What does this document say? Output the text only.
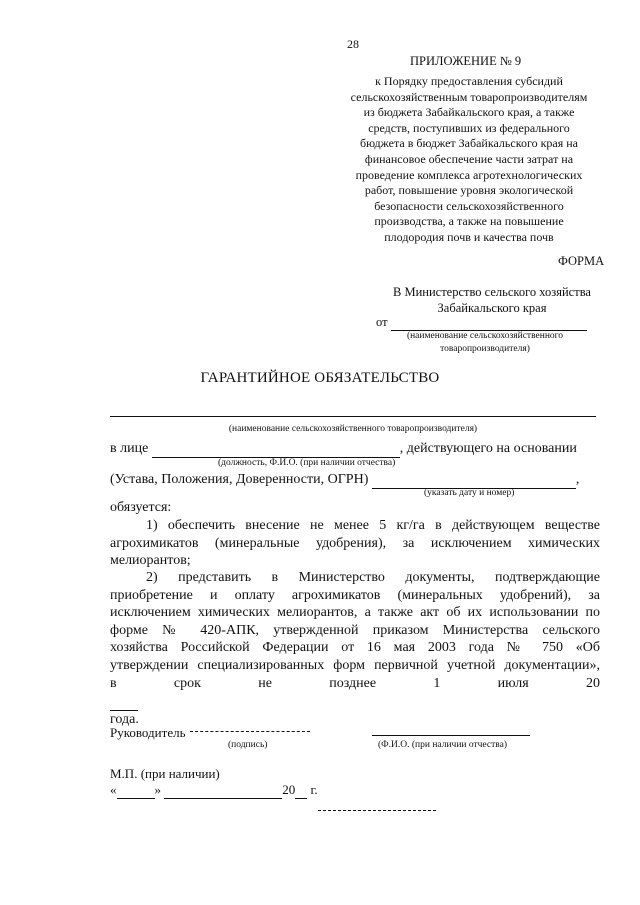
28
ПРИЛОЖЕНИЕ № 9
к Порядку предоставления субсидий
сельскохозяйственным товаропроизводителям
из бюджета Забайкальского края, а также
средств, поступивших из федерального
бюджета в бюджет Забайкальского края на
финансовое обеспечение части затрат на
проведение комплекса агротехнологических
работ, повышение уровня экологической
безопасности сельскохозяйственного
производства, а также на повышение
плодородия почв и качества почв
ФОРМА
В Министерство сельского хозяйства
Забайкальского края
от
(наименование сельскохозяйственного
товаропроизводителя)
ГАРАНТИЙНОЕ ОБЯЗАТЕЛЬСТВО
(наименование сельскохозяйственного товаропроизводителя)
в лице	, действующего на основании
(должность, Ф.И.О. (при наличии отчества)
(Устава, Положения, Доверенности, ОГРН)	,
(указать дату и номер)
обязуется:
1) обеспечить внесение не менее 5 кг/га в действующем веществе
агрохимикатов (минеральные удобрения), за исключением химических
мелиорантов;
2) представить в Министерство документы, подтверждающие
приобретение и оплату агрохимикатов (минеральных удобрений), за
исключением химических мелиорантов, а также акт об их использовании по
форме № 420-АПК, утвержденной приказом Министерства сельского
хозяйства Российской Федерации от 16 мая 2003 года № 750 «Об
утверждении специализированных форм первичной учетной документации»,
в срок не позднее 1 июля 20

года.
Руководитель
(подпись)	(Ф.И.О. (при наличии отчества)
М.П. (при наличии)
«	»	20  г.
